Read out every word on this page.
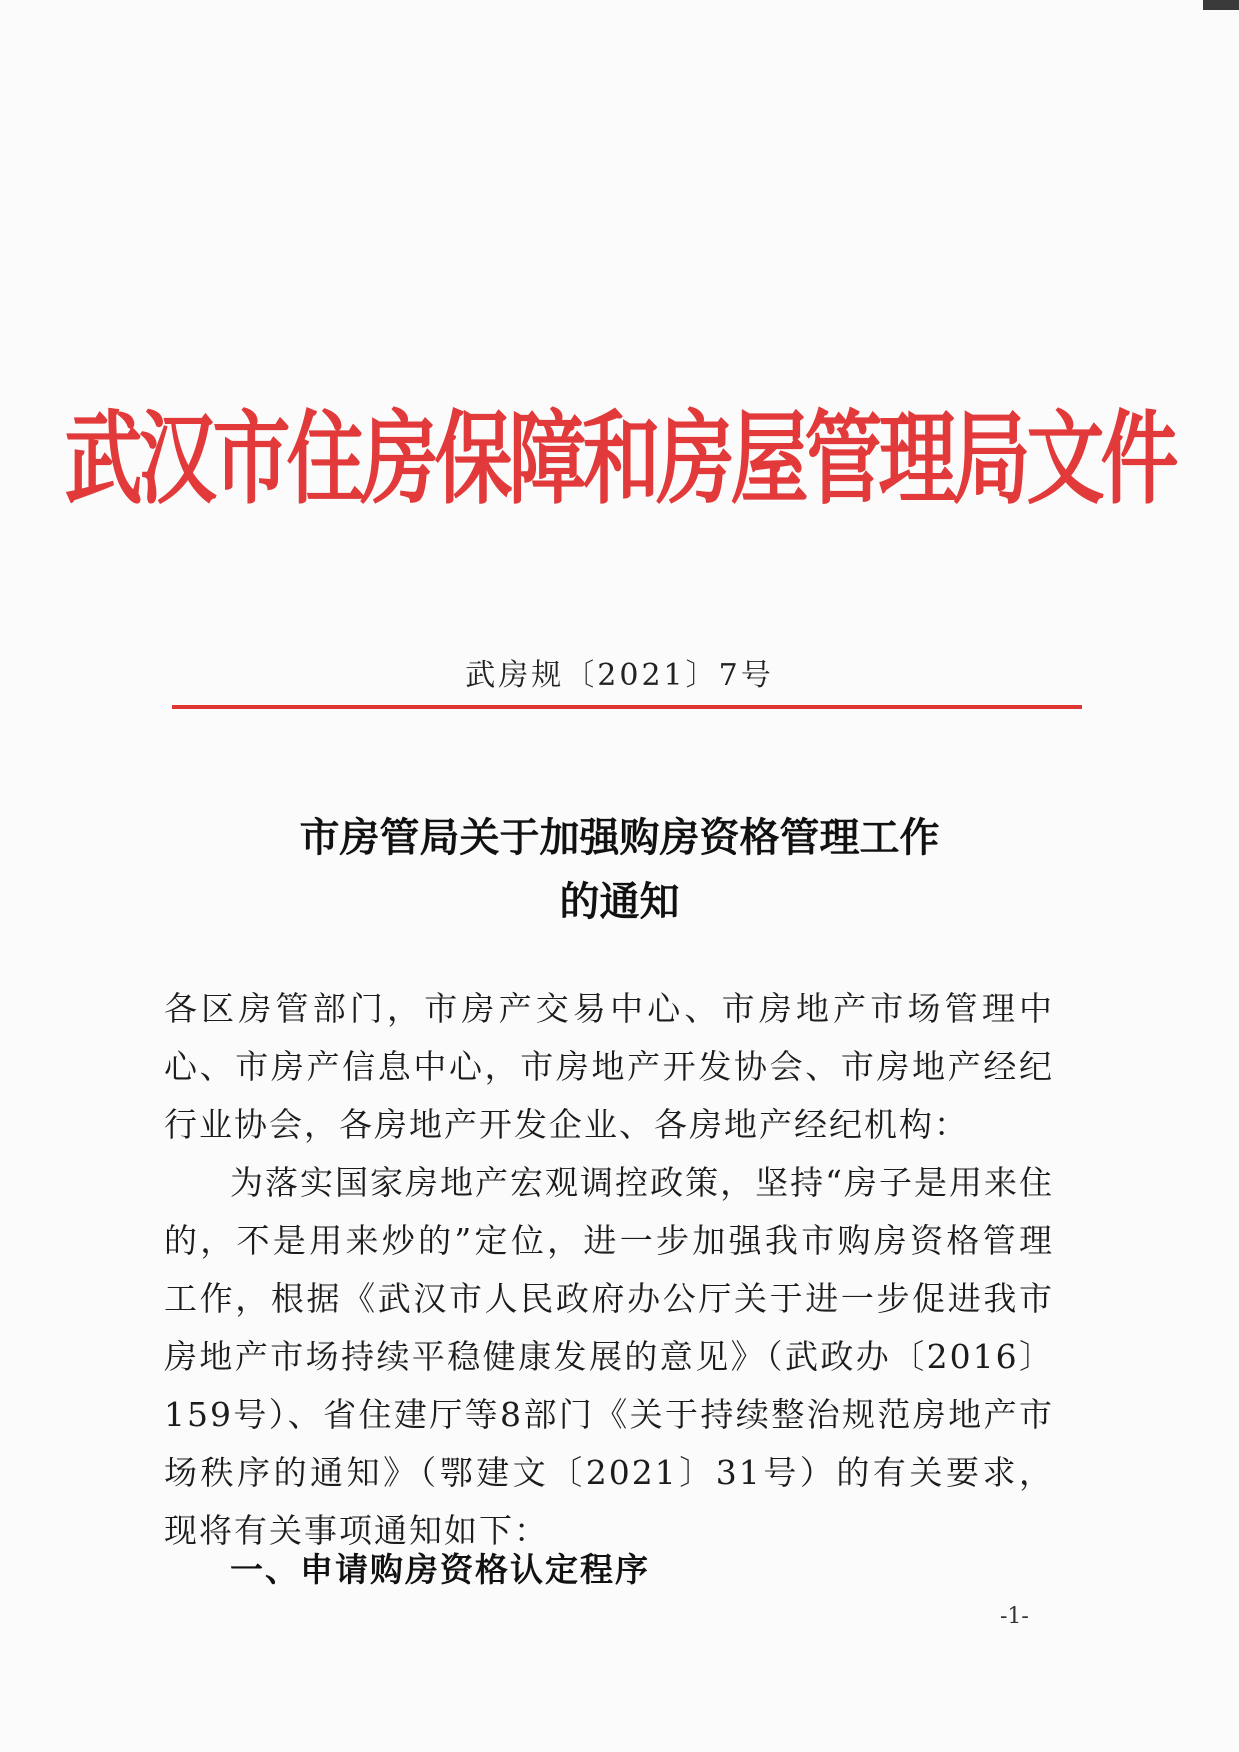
武汉市住房保障和房屋管理局文件
武房规〔2021〕7号
市房管局关于加强购房资格管理工作
的通知

各区房管部门，市房产交易中心、市房地产市场管理中心、市房产信息中心，市房地产开发协会、市房地产经纪行业协会，各房地产开发企业、各房地产经纪机构：

为落实国家房地产宏观调控政策，坚持“房子是用来住的，不是用来炒的”定位，进一步加强我市购房资格管理工作，根据《武汉市人民政府办公厅关于进一步促进我市房地产市场持续平稳健康发展的意见》（武政办〔2016〕159号）、省住建厅等8部门《关于持续整治规范房地产市场秩序的通知》（鄂建文〔2021〕31号）的有关要求，现将有关事项通知如下：

一、申请购房资格认定程序
-1-
